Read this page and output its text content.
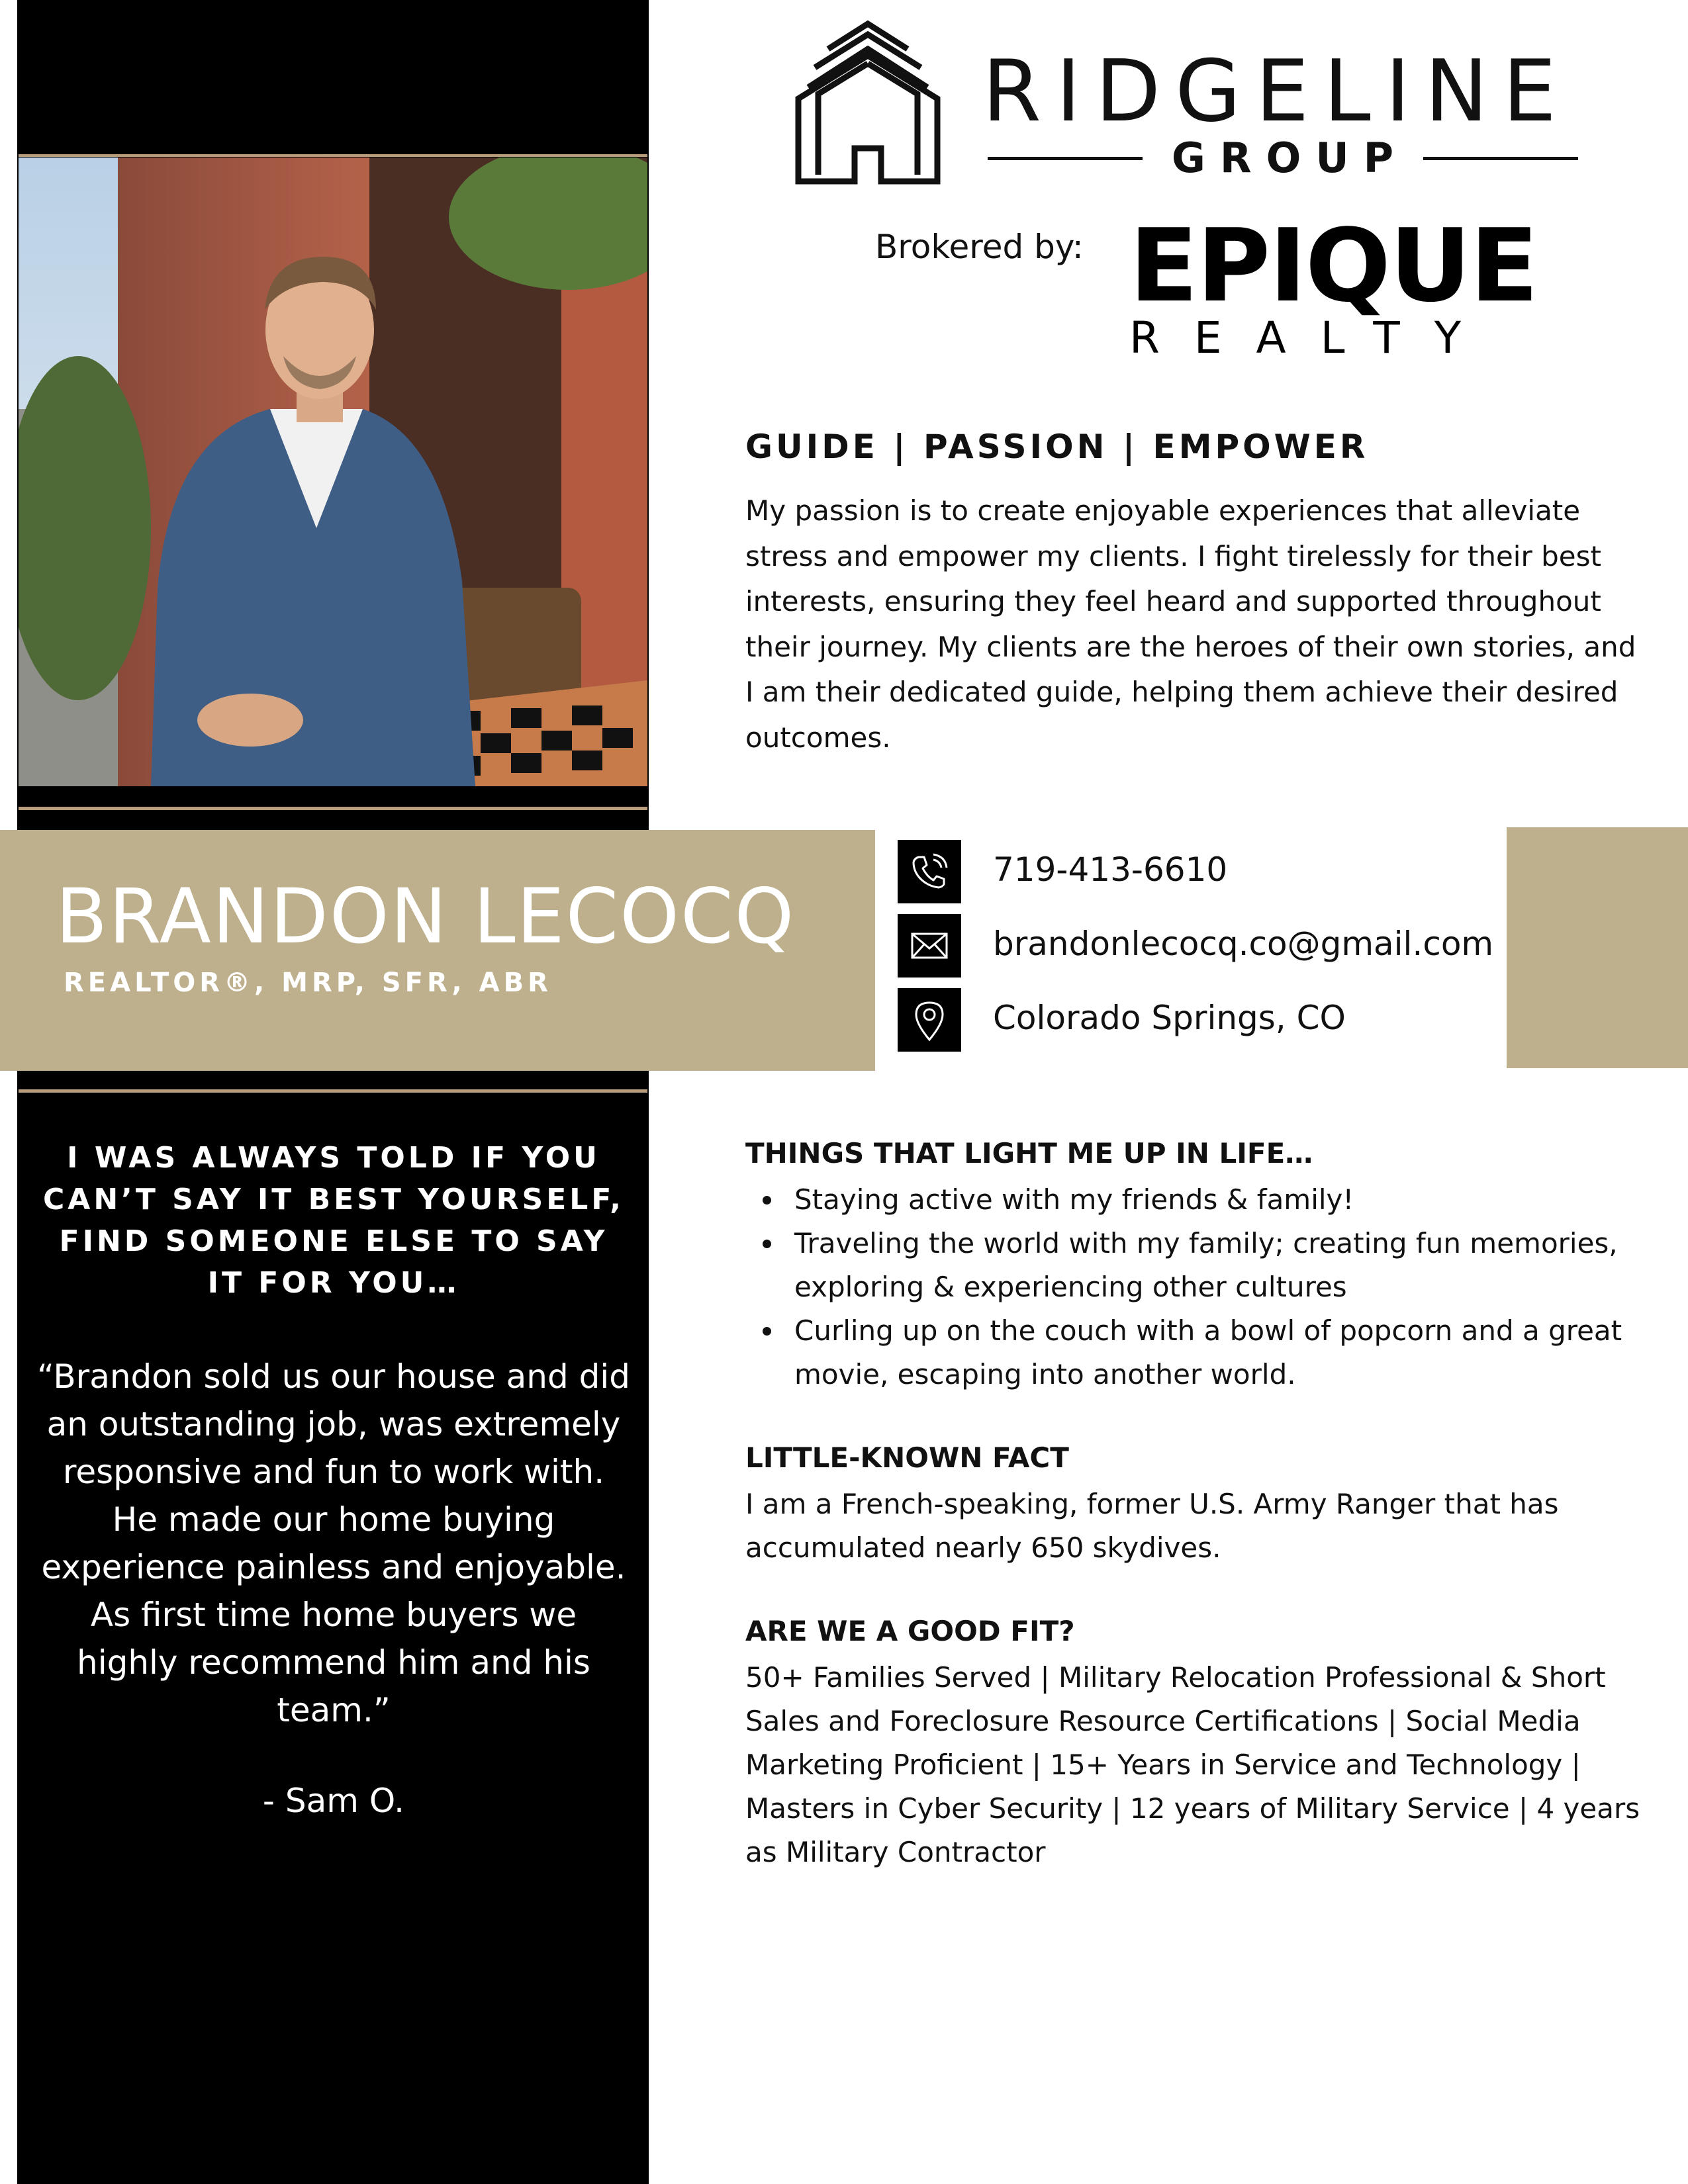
BRANDON LECOCQ
REALTOR®, MRP, SFR, ABR
719-413-6610
brandonlecocq.co@gmail.com
Colorado Springs, CO
RIDGELINE
GROUP
Brokered by: EPIQUE
REALTY
GUIDE | PASSION | EMPOWER
My passion is to create enjoyable experiences that alleviate stress and empower my clients. I fight tirelessly for their best interests, ensuring they feel heard and supported throughout their journey. My clients are the heroes of their own stories, and I am their dedicated guide, helping them achieve their desired outcomes.
THINGS THAT LIGHT ME UP IN LIFE…
Staying active with my friends & family!
Traveling the world with my family; creating fun memories, exploring & experiencing other cultures
Curling up on the couch with a bowl of popcorn and a great movie, escaping into another world.
LITTLE-KNOWN FACT
I am a French-speaking, former U.S. Army Ranger that has accumulated nearly 650 skydives.
ARE WE A GOOD FIT?
50+ Families Served | Military Relocation Professional & Short Sales and Foreclosure Resource Certifications | Social Media Marketing Proficient | 15+ Years in Service and Technology | Masters in Cyber Security | 12 years of Military Service | 4 years as Military Contractor
I WAS ALWAYS TOLD IF YOU CAN’T SAY IT BEST YOURSELF, FIND SOMEONE ELSE TO SAY IT FOR YOU…
“Brandon sold us our house and did an outstanding job, was extremely responsive and fun to work with. He made our home buying experience painless and enjoyable. As first time home buyers we highly recommend him and his team.”
- Sam O.
